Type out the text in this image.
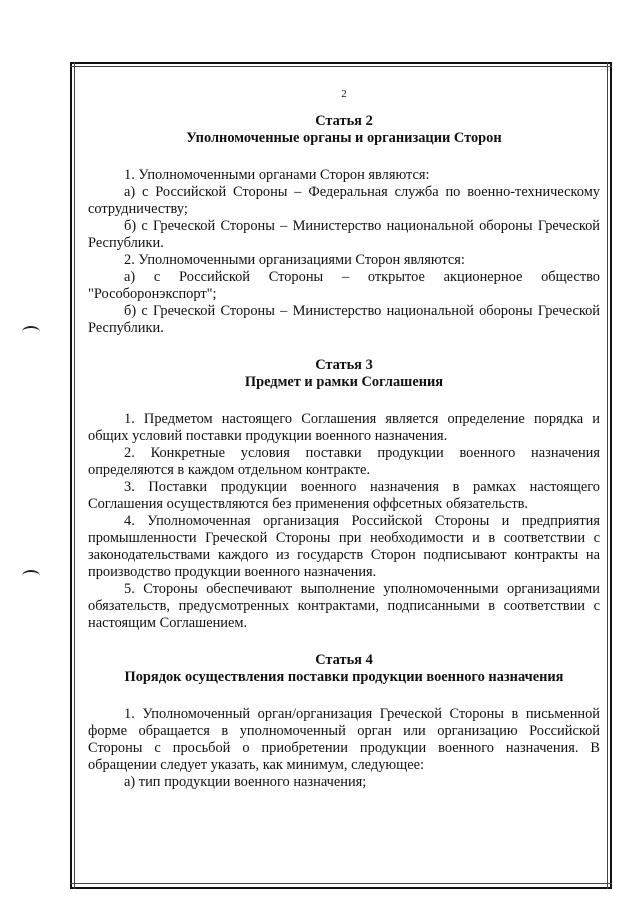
2
Статья 2
Уполномоченные органы и организации Сторон

1. Уполномоченными органами Сторон являются:

а) с Российской Стороны – Федеральная служба по военно-техническому сотрудничеству;

б) с Греческой Стороны – Министерство национальной обороны Греческой Республики.

2. Уполномоченными организациями Сторон являются:

а) с Российской Стороны – открытое акционерное общество "Рособоронэкспорт";

б) с Греческой Стороны – Министерство национальной обороны Греческой Республики.

Статья 3
Предмет и рамки Соглашения

1. Предметом настоящего Соглашения является определение порядка и общих условий поставки продукции военного назначения.

2. Конкретные условия поставки продукции военного назначения определяются в каждом отдельном контракте.

3. Поставки продукции военного назначения в рамках настоящего Соглашения осуществляются без применения оффсетных обязательств.

4. Уполномоченная организация Российской Стороны и предприятия промышленности Греческой Стороны при необходимости и в соответствии с законодательствами каждого из государств Сторон подписывают контракты на производство продукции военного назначения.

5. Стороны обеспечивают выполнение уполномоченными организациями обязательств, предусмотренных контрактами, подписанными в соответствии с настоящим Соглашением.

Статья 4
Порядок осуществления поставки продукции военного назначения

1. Уполномоченный орган/организация Греческой Стороны в письменной форме обращается в уполномоченный орган или организацию Российской Стороны с просьбой о приобретении продукции военного назначения. В обращении следует указать, как минимум, следующее:

а) тип продукции военного назначения;
